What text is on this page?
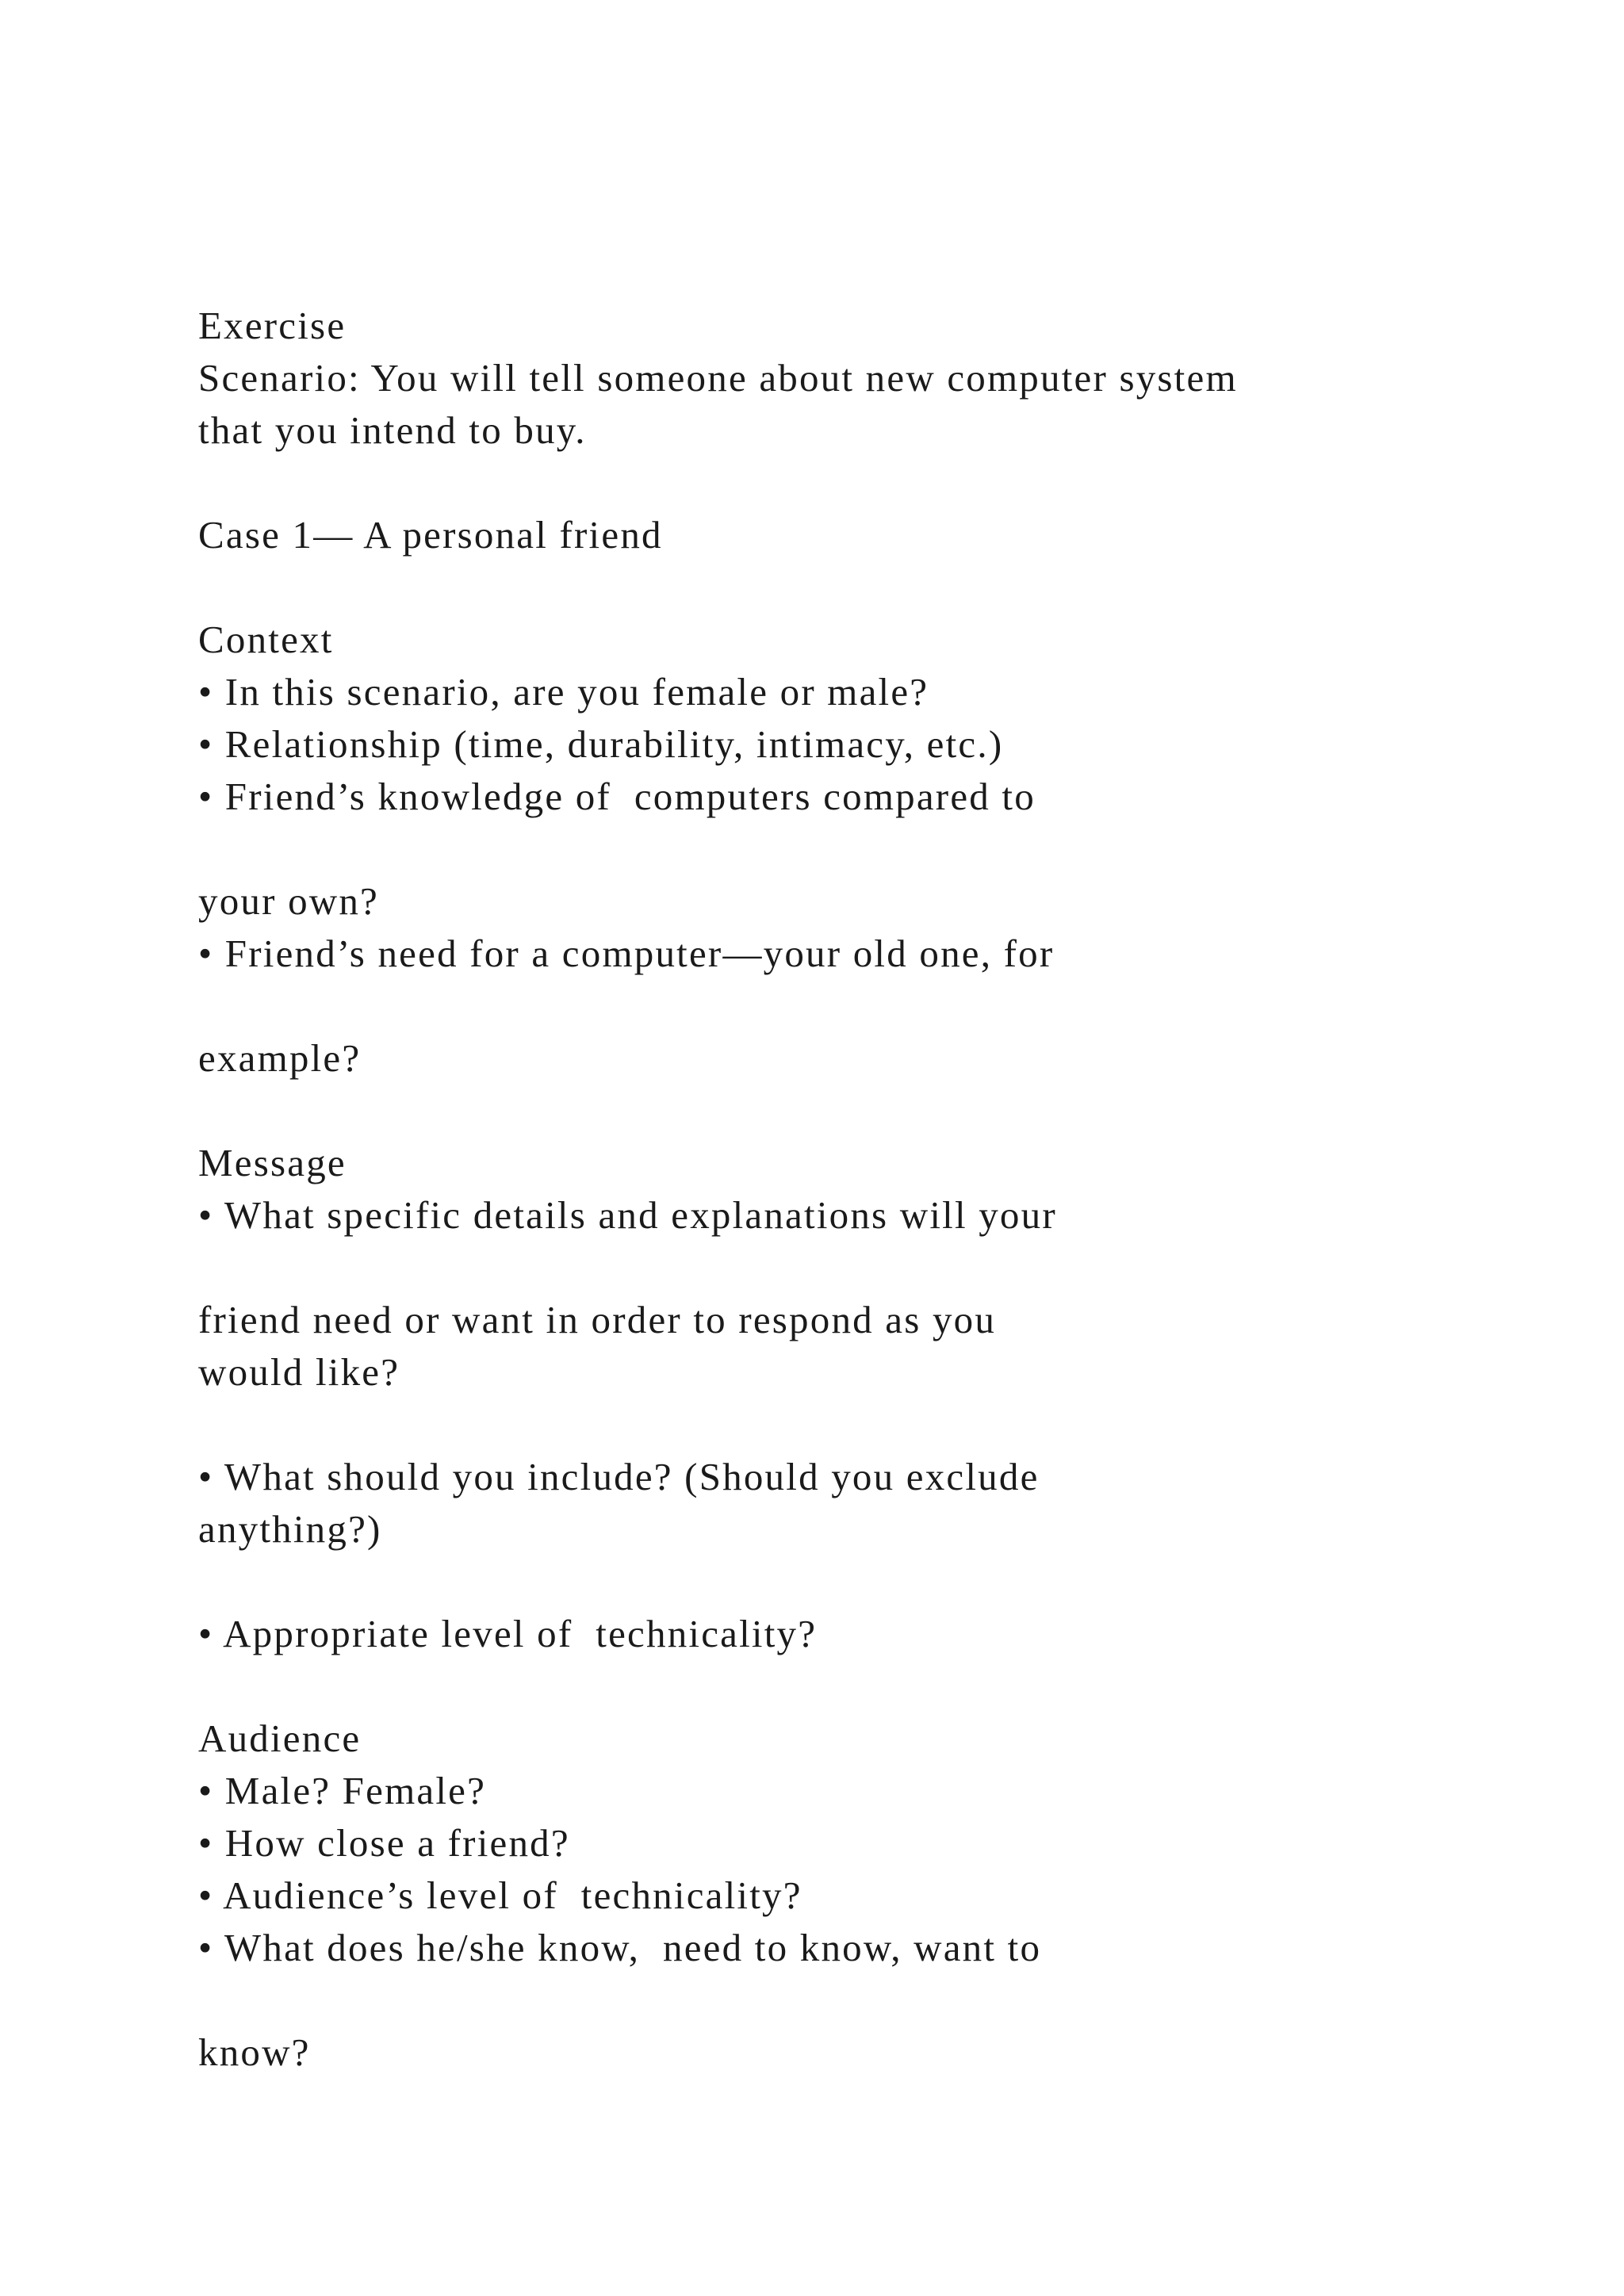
Exercise
Scenario: You will tell someone about new computer system
that you intend to buy.
Case 1— A personal friend
Context
• In this scenario, are you female or male?
• Relationship (time, durability, intimacy, etc.)
• Friend’s knowledge of  computers compared to
your own?
• Friend’s need for a computer—your old one, for
example?
Message
• What specific details and explanations will your
friend need or want in order to respond as you
would like?
• What should you include? (Should you exclude
anything?)
• Appropriate level of  technicality?
Audience
• Male? Female?
• How close a friend?
• Audience’s level of  technicality?
• What does he/she know,  need to know, want to
know?
